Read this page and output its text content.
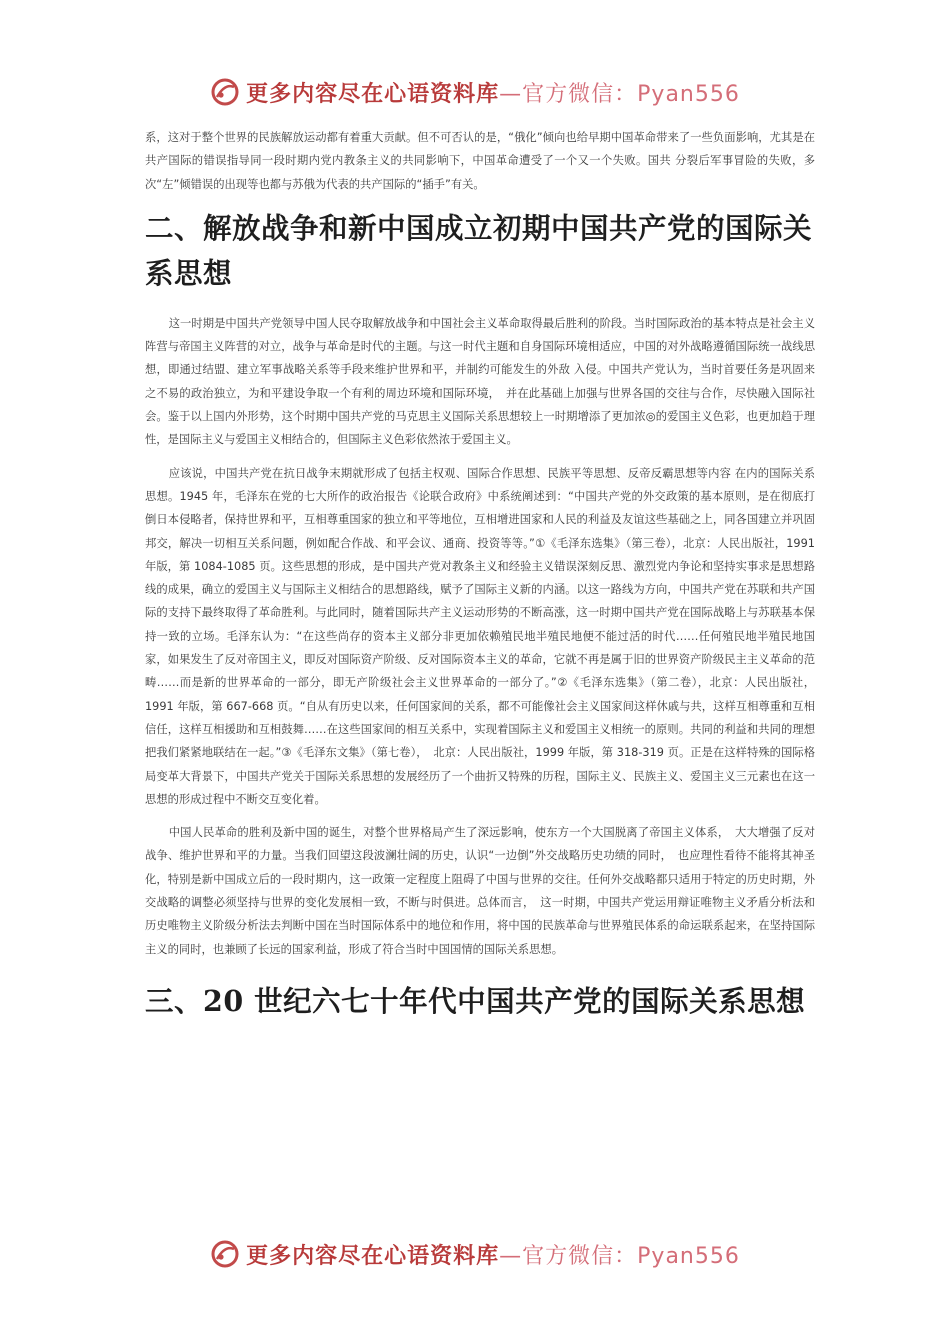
更多内容尽在心语资料库—官方微信：Pyan556

系，这对于整个世界的民族解放运动都有着重大贡献。但不可否认的是，“俄化”倾向也给早期中国革命带来了一些负面影响，尤其是在共产国际的错误指导同一段时期内党内教条主义的共同影响下，中国革命遭受了一个又一个失败。国共 分裂后军事冒险的失败，多次“左”倾错误的出现等也都与苏俄为代表的共产国际的“插手”有关。

二、解放战争和新中国成立初期中国共产党的国际关系思想

这一时期是中国共产党领导中国人民夺取解放战争和中国社会主义革命取得最后胜利的阶段。当时国际政治的基本特点是社会主义阵营与帝国主义阵营的对立，战争与革命是时代的主题。与这一时代主题和自身国际环境相适应，中国的对外战略遵循国际统一战线思想，即通过结盟、建立军事战略关系等手段来维护世界和平，并制约可能发生的外敌 入侵。中国共产党认为，当时首要任务是巩固来之不易的政治独立，为和平建设争取一个有利的周边环境和国际环境，　并在此基础上加强与世界各国的交往与合作，尽快融入国际社会。鉴于以上国内外形势，这个时期中国共产党的马克思主义国际关系思想较上一时期增添了更加浓◎的爱国主义色彩，也更加趋于理性，是国际主义与爱国主义相结合的，但国际主义色彩依然浓于爱国主义。

应该说，中国共产党在抗日战争末期就形成了包括主权观、国际合作思想、民族平等思想、反帝反霸思想等内容 在内的国际关系思想。1945 年，毛泽东在党的七大所作的政治报告《论联合政府》中系统阐述到：“中国共产党的外交政策的基本原则，是在彻底打倒日本侵略者，保持世界和平，互相尊重国家的独立和平等地位，互相增进国家和人民的利益及友谊这些基础之上，同各国建立并巩固邦交，解决一切相互关系问题，例如配合作战、和平会议、通商、投资等等。”①《毛泽东选集》（第三卷），北京：人民出版社，1991 年版，第 1084-1085 页。这些思想的形成，是中国共产党对教条主义和经验主义错误深刻反思、激烈党内争论和坚持实事求是思想路线的成果，确立的爱国主义与国际主义相结合的思想路线，赋予了国际主义新的内涵。以这一路线为方向，中国共产党在苏联和共产国际的支持下最终取得了革命胜利。与此同时，随着国际共产主义运动形势的不断高涨，这一时期中国共产党在国际战略上与苏联基本保持一致的立场。毛泽东认为：“在这些尚存的资本主义部分非更加依赖殖民地半殖民地便不能过活的时代……任何殖民地半殖民地国家，如果发生了反对帝国主义，即反对国际资产阶级、反对国际资本主义的革命，它就不再是属于旧的世界资产阶级民主主义革命的范畴……而是新的世界革命的一部分，即无产阶级社会主义世界革命的一部分了。”②《毛泽东选集》（第二卷），北京：人民出版社，1991 年版，第 667-668 页。“自从有历史以来，任何国家间的关系，都不可能像社会主义国家间这样休戚与共，这样互相尊重和互相信任，这样互相援助和互相鼓舞……在这些国家间的相互关系中，实现着国际主义和爱国主义相统一的原则。共同的利益和共同的理想把我们紧紧地联结在一起。”③《毛泽东文集》（第七卷），　北京：人民出版社，1999 年版，第 318-319 页。正是在这样特殊的国际格局变革大背景下，中国共产党关于国际关系思想的发展经历了一个曲折又特殊的历程，国际主义、民族主义、爱国主义三元素也在这一思想的形成过程中不断交互变化着。

中国人民革命的胜利及新中国的诞生，对整个世界格局产生了深远影响，使东方一个大国脱离了帝国主义体系，　大大增强了反对战争、维护世界和平的力量。当我们回望这段波澜壮阔的历史，认识“一边倒”外交战略历史功绩的同时，　也应理性看待不能将其神圣化，特别是新中国成立后的一段时期内，这一政策一定程度上阻碍了中国与世界的交往。任何外交战略都只适用于特定的历史时期，外交战略的调整必须坚持与世界的变化发展相一致，不断与时俱进。总体而言，　这一时期，中国共产党运用辩证唯物主义矛盾分析法和历史唯物主义阶级分析法去判断中国在当时国际体系中的地位和作用，将中国的民族革命与世界殖民体系的命运联系起来，在坚持国际主义的同时，也兼顾了长远的国家利益，形成了符合当时中国国情的国际关系思想。

三、20 世纪六七十年代中国共产党的国际关系思想
更多内容尽在心语资料库—官方微信：Pyan556
